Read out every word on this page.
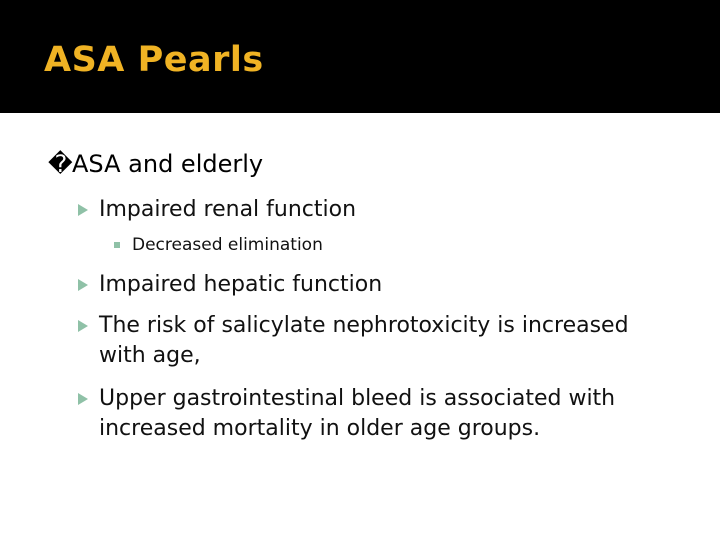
ASA Pearls
�ASA and elderly
Impaired renal function
Decreased elimination
Impaired hepatic function
The risk of salicylate nephrotoxicity is increased with age,
Upper gastrointestinal bleed is associated with increased mortality in older age groups.
